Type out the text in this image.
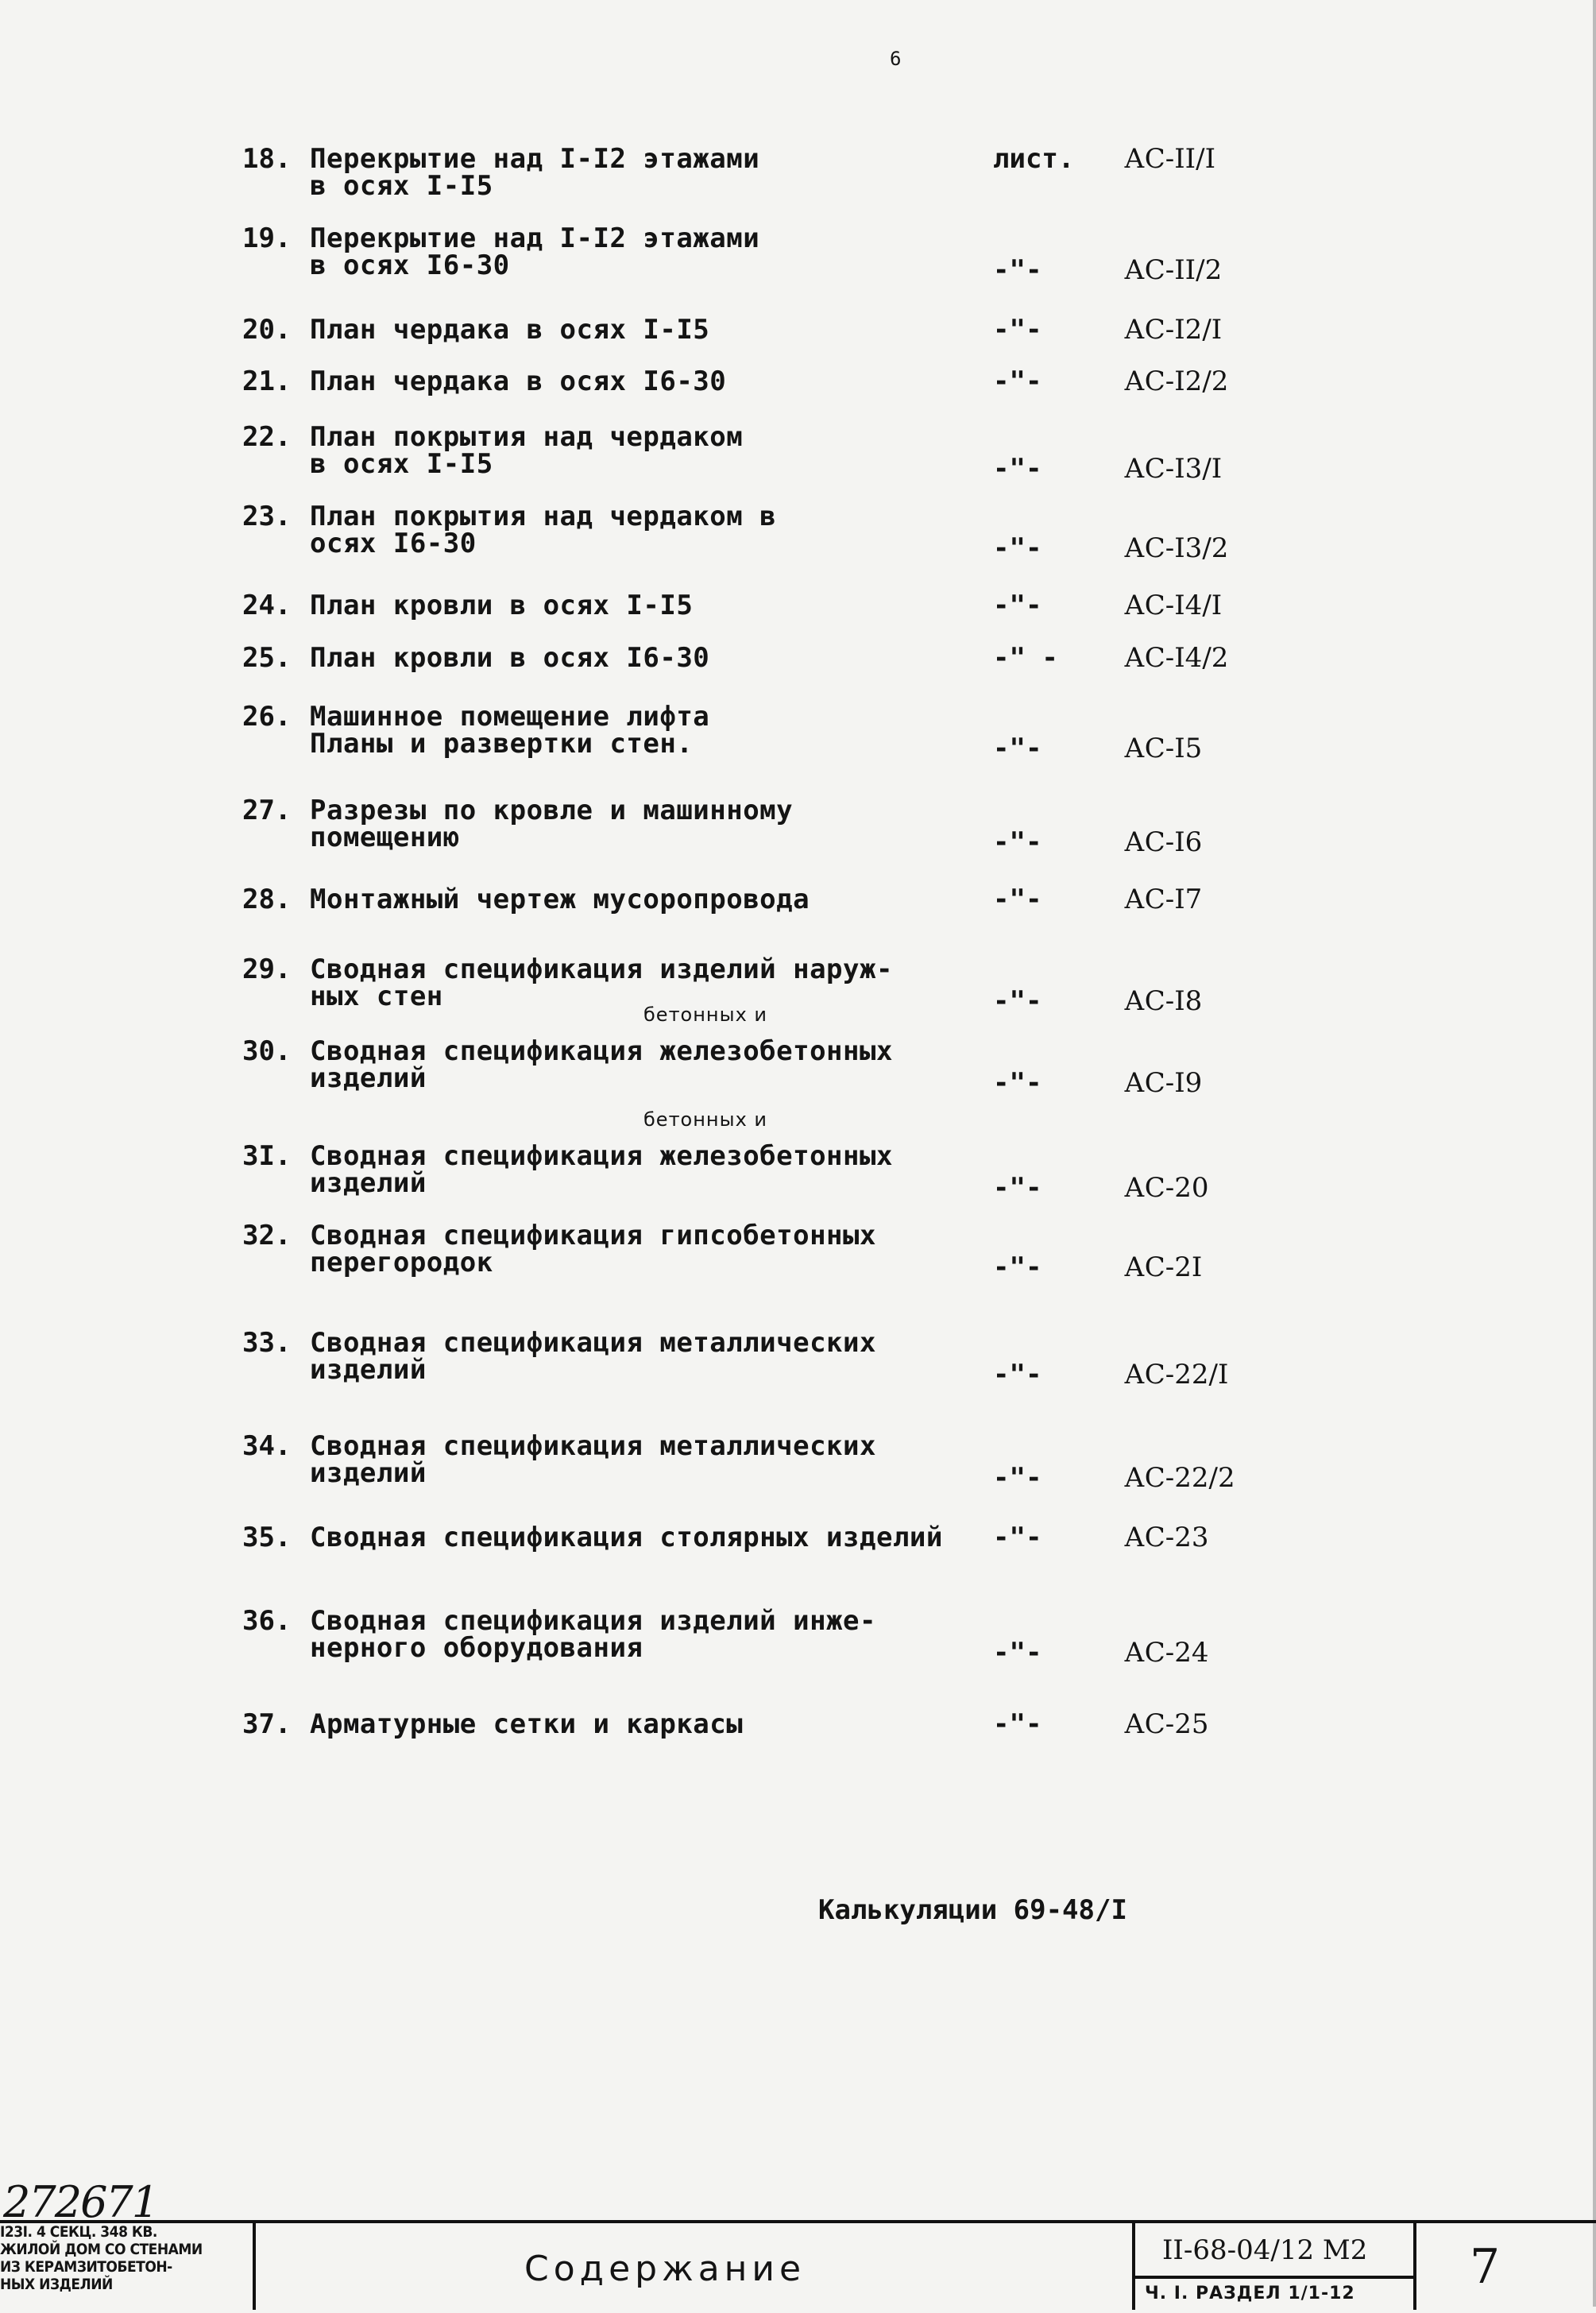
6
18. Перекрытие над I-I2 этажами
в осях I-I5
лист. АС-II/I
19. Перекрытие над I-I2 этажами
в осях I6-30	-"-	АС-II/2
20. План чердака в осях I-I5	-"-	АС-I2/I
21. План чердака в осях I6-30	-"-	АС-I2/2
22. План покрытия над чердаком
в осях I-I5	-"-	АС-I3/I
23. План покрытия над чердаком в
осях I6-30	-"-	АС-I3/2
24. План кровли в осях I-I5	-"-	АС-I4/I
25. План кровли в осях I6-30	-" - АС-I4/2
26. Машинное помещение лифта
Планы и развертки стен.	-"-	АС-I5
27. Разрезы по кровле и машинному
помещению	-"-	АС-I6
28. Монтажный чертеж мусоропровода	-"-	АС-I7
29. Сводная спецификация изделий наруж-
ных стен	-"-	АС-I8
30. Сводная спецификация железобетонных
изделий	-"-	АС-I9
бетонных и
3I. Сводная спецификация железобетонных
изделий	-"-	АС-20
бетонных и
32. Сводная спецификация гипсобетонных
перегородок	-"-	АС-2I
33. Сводная спецификация металлических
изделий	-"-	АС-22/I
34. Сводная спецификация металлических
изделий	-"-	АС-22/2
35. Сводная спецификация столярных изделий -"-	АС-23
36. Сводная спецификация изделий инже-
нерного оборудования	-"-	АС-24
37. Арматурные сетки и каркасы	-"-	АС-25
Калькуляции 69-48/I
272671
I23I. 4 СЕКЦ. 348 КВ.
ЖИЛОЙ ДОМ СО СТЕНАМИ
ИЗ КЕРАМЗИТОБЕТОН-
НЫХ ИЗДЕЛИЙ	Содержание	II-68-04/12 М2
Ч. I. РАЗДЕЛ 1/1-12 7
